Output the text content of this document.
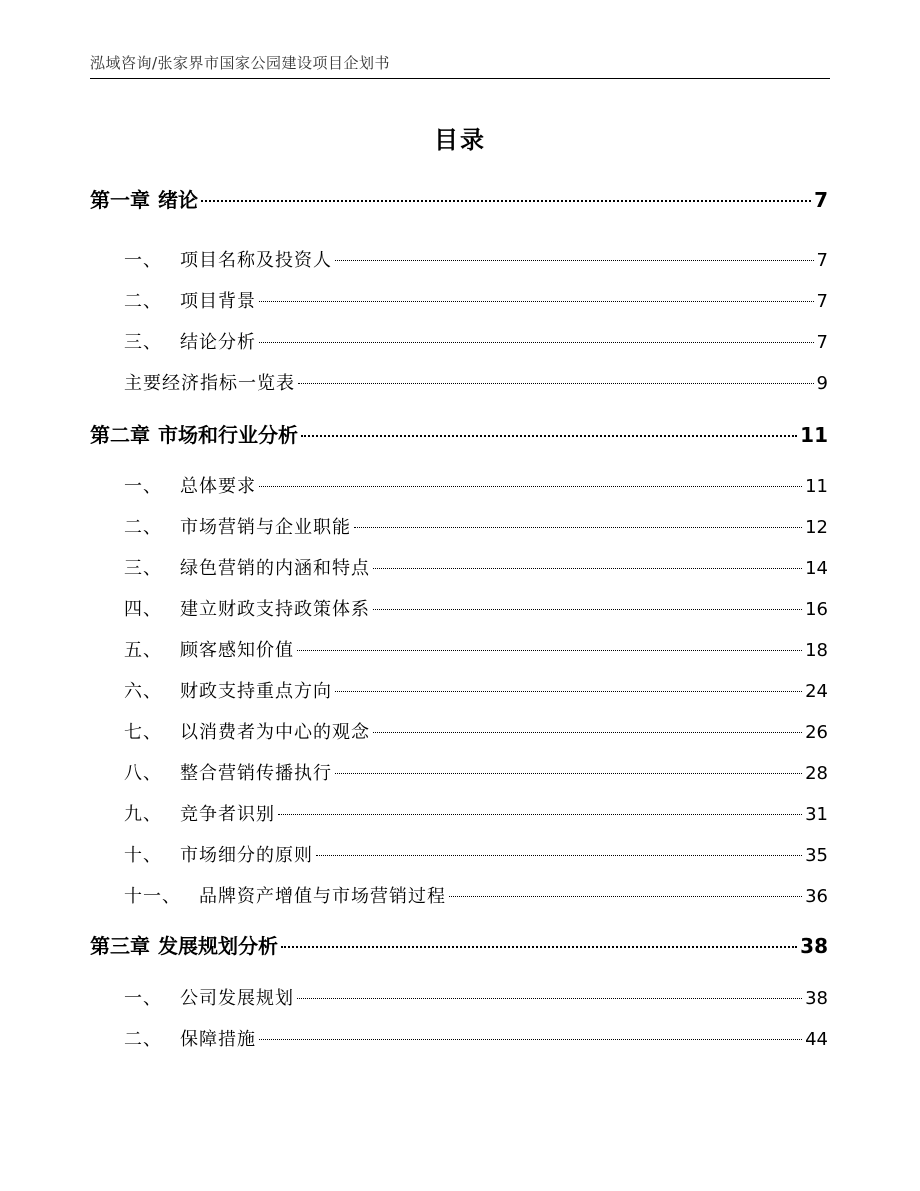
泓域咨询/张家界市国家公园建设项目企划书
目录
第一章 绪论	7
一、 项目名称及投资人	7
二、 项目背景	7
三、 结论分析	7
主要经济指标一览表	9
第二章 市场和行业分析	11
一、 总体要求	11
二、 市场营销与企业职能	12
三、 绿色营销的内涵和特点	14
四、 建立财政支持政策体系	16
五、 顾客感知价值	18
六、 财政支持重点方向	24
七、 以消费者为中心的观念	26
八、 整合营销传播执行	28
九、 竞争者识别	31
十、 市场细分的原则	35
十一、 品牌资产增值与市场营销过程	36
第三章 发展规划分析	38
一、 公司发展规划	38
二、 保障措施	44
